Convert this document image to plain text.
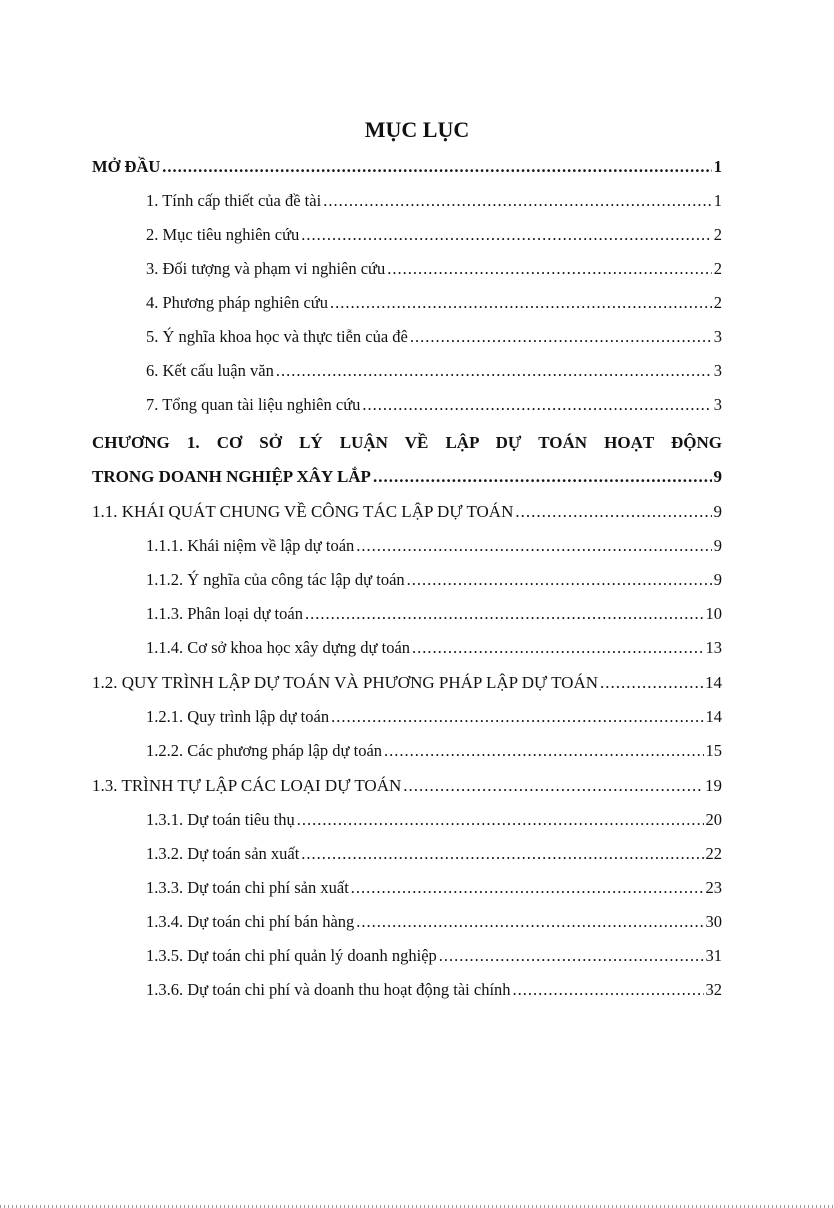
MỤC LỤC
MỞ ĐẦU .....	1
1. Tính cấp thiết của đề tài .....	1
2. Mục tiêu nghiên cứu .....	2
3. Đối tượng và phạm vi nghiên cứu .....	2
4. Phương pháp nghiên cứu .....	2
5. Ý nghĩa khoa học và thực tiễn của đê .....	3
6. Kết cấu luận văn .....	3
7. Tổng quan tài liệu nghiên cứu .....	3
CHƯƠNG 1. CƠ SỞ LÝ LUẬN VỀ LẬP DỰ TOÁN HOẠT ĐỘNG
TRONG DOANH NGHIỆP XÂY LẮP .....	9
1.1. KHÁI QUÁT CHUNG VỀ CÔNG TÁC LẬP DỰ TOÁN .....	9
1.1.1. Khái niệm về lập dự toán .....	9
1.1.2. Ý nghĩa của công tác lập dự toán .....	9
1.1.3. Phân loại dự toán .....	10
1.1.4. Cơ sở khoa học xây dựng dự toán .....	13
1.2. QUY TRÌNH LẬP DỰ TOÁN VÀ PHƯƠNG PHÁP LẬP DỰ TOÁN .....	14
1.2.1. Quy trình lập dự toán .....	14
1.2.2. Các phương pháp lập dự toán .....	15
1.3. TRÌNH TỰ LẬP CÁC LOẠI DỰ TOÁN .....	19
1.3.1. Dự toán tiêu thụ .....	20
1.3.2. Dự toán sản xuất .....	22
1.3.3. Dự toán chi phí sản xuất .....	23
1.3.4. Dự toán chi phí bán hàng .....	30
1.3.5. Dự toán chi phí quản lý doanh nghiệp .....	31
1.3.6. Dự toán chi phí và doanh thu hoạt động tài chính .....	32
